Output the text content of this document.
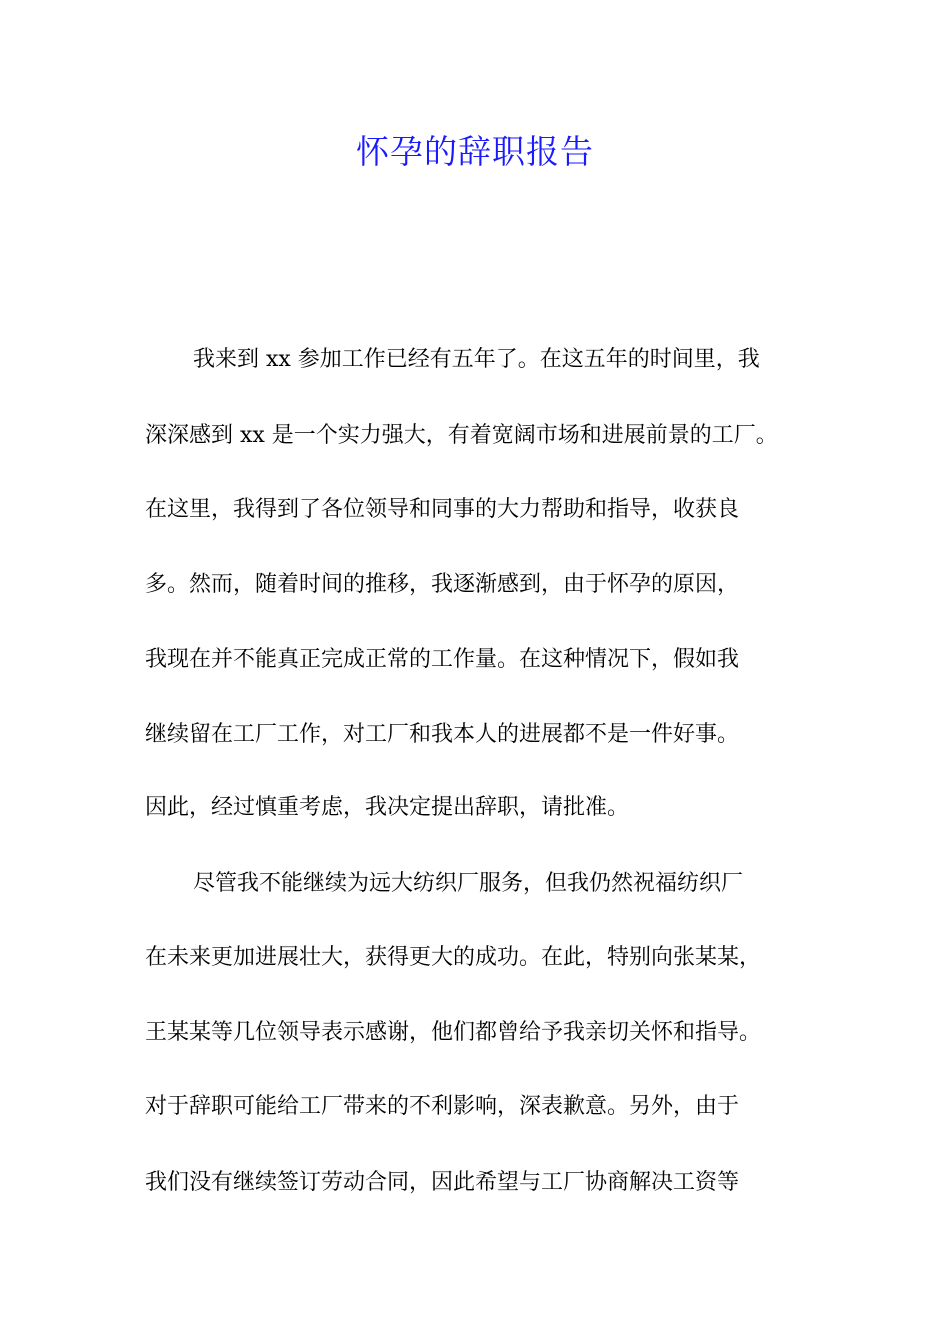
怀孕的辞职报告
我来到 xx 参加工作已经有五年了。在这五年的时间里，我
深深感到 xx 是一个实力强大，有着宽阔市场和进展前景的工厂。
在这里，我得到了各位领导和同事的大力帮助和指导，收获良
多。然而，随着时间的推移，我逐渐感到，由于怀孕的原因，
我现在并不能真正完成正常的工作量。在这种情况下，假如我
继续留在工厂工作，对工厂和我本人的进展都不是一件好事。
因此，经过慎重考虑，我决定提出辞职，请批准。
尽管我不能继续为远大纺织厂服务，但我仍然祝福纺织厂
在未来更加进展壮大，获得更大的成功。在此，特别向张某某，
王某某等几位领导表示感谢，他们都曾给予我亲切关怀和指导。
对于辞职可能给工厂带来的不利影响，深表歉意。另外，由于
我们没有继续签订劳动合同，因此希望与工厂协商解决工资等
